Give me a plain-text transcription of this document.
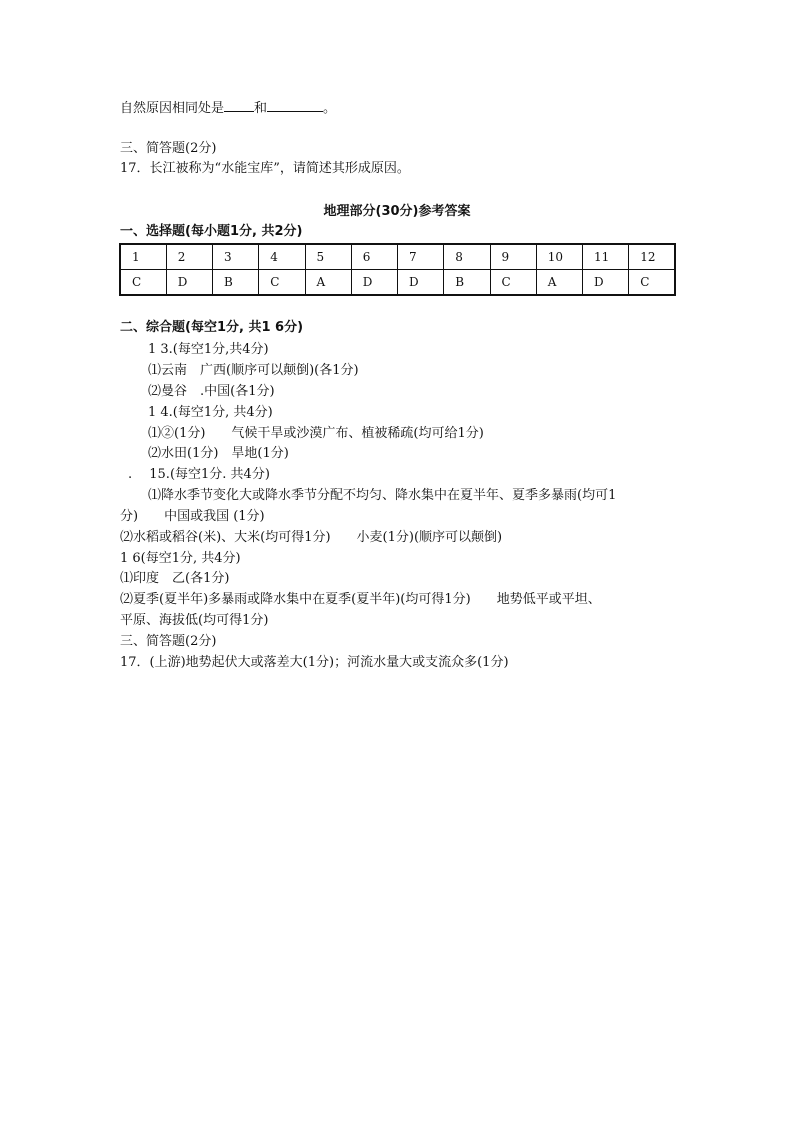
自然原因相同处是 和	。
三、简答题(2分)
17．长江被称为“水能宝库”，请简述其形成原因。
地理部分(30分)参考答案
一、选择题(每小题1分, 共2分)
1	2	3	4	5	6	7	8	9	10	11	12
C	D	B	C	A	D	D	B	C	A	D	C
二、综合题(每空1分, 共1 6分)
1 3.(每空1分,共4分)
⑴云南　广西(顺序可以颠倒)(各1分)
⑵曼谷　.中国(各1分)
1 4.(每空1分, 共4分)
⑴②(1分)　　气候干旱或沙漠广布、植被稀疏(均可给1分)
⑵水田(1分)　旱地(1分)
.　 15.(每空1分. 共4分)
⑴降水季节变化大或降水季节分配不均匀、降水集中在夏半年、夏季多暴雨(均可1
分)　　中国或我国 (1分)
⑵水稻或稻谷(米)、大米(均可得1分)　　小麦(1分)(顺序可以颠倒)
1 6(每空1分, 共4分)
⑴印度　乙(各1分)
⑵夏季(夏半年)多暴雨或降水集中在夏季(夏半年)(均可得1分)　　地势低平或平坦、
平原、海拔低(均可得1分)
三、简答题(2分)
17．(上游)地势起伏大或落差大(1分)；河流水量大或支流众多(1分)
